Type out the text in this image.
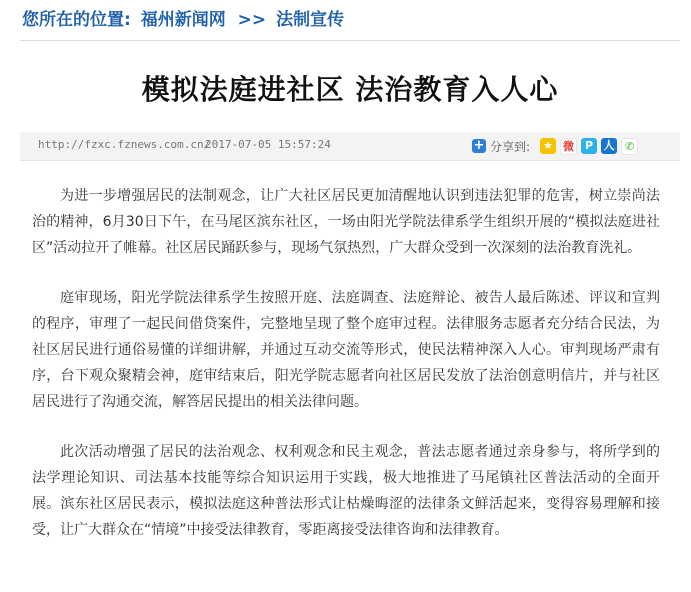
您所在的位置: 福州新闻网 >> 法制宣传
模拟法庭进社区 法治教育入人心
http://fzxc.fznews.com.cn/
2017-07-05 15:57:24	+ 分享到: ★ 微 P 人 ✆

为进一步增强居民的法制观念，让广大社区居民更加清醒地认识到违法犯罪的危害，树立崇尚法治的精神，6月30日下午，在马尾区滨东社区，一场由阳光学院法律系学生组织开展的“模拟法庭进社区”活动拉开了帷幕。社区居民踊跃参与，现场气氛热烈，广大群众受到一次深刻的法治教育洗礼。

庭审现场，阳光学院法律系学生按照开庭、法庭调查、法庭辩论、被告人最后陈述、评议和宣判的程序，审理了一起民间借贷案件，完整地呈现了整个庭审过程。法律服务志愿者充分结合民法，为社区居民进行通俗易懂的详细讲解，并通过互动交流等形式，使民法精神深入人心。审判现场严肃有序，台下观众聚精会神，庭审结束后，阳光学院志愿者向社区居民发放了法治创意明信片，并与社区居民进行了沟通交流，解答居民提出的相关法律问题。

此次活动增强了居民的法治观念、权利观念和民主观念，普法志愿者通过亲身参与，将所学到的法学理论知识、司法基本技能等综合知识运用于实践，极大地推进了马尾镇社区普法活动的全面开展。滨东社区居民表示，模拟法庭这种普法形式让枯燥晦涩的法律条文鲜活起来，变得容易理解和接受，让广大群众在“情境”中接受法律教育，零距离接受法律咨询和法律教育。
